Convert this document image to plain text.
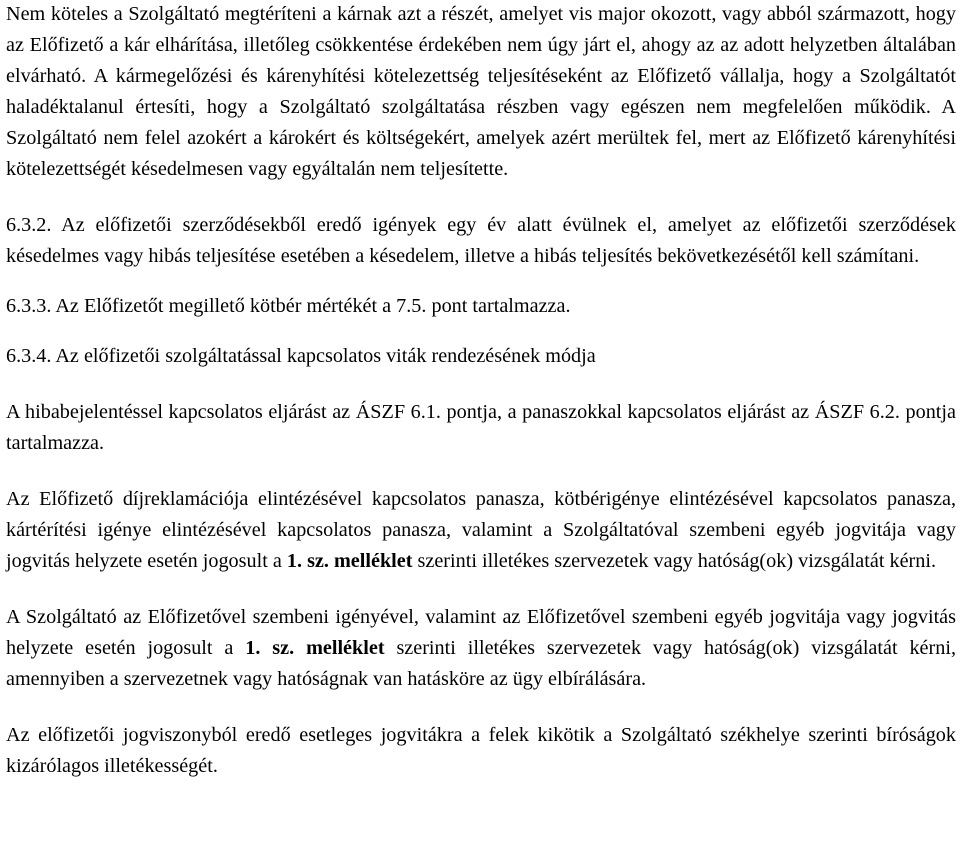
Nem köteles a Szolgáltató megtéríteni a kárnak azt a részét, amelyet vis major okozott, vagy abból származott, hogy az Előfizető a kár elhárítása, illetőleg csökkentése érdekében nem úgy járt el, ahogy az az adott helyzetben általában elvárható. A kármegelőzési és kárenyhítési kötelezettség teljesítéseként az Előfizető vállalja, hogy a Szolgáltatót haladéktalanul értesíti, hogy a Szolgáltató szolgáltatása részben vagy egészen nem megfelelően működik. A Szolgáltató nem felel azokért a károkért és költségekért, amelyek azért merültek fel, mert az Előfizető kárenyhítési kötelezettségét késedelmesen vagy egyáltalán nem teljesítette.

6.3.2. Az előfizetői szerződésekből eredő igények egy év alatt évülnek el, amelyet az előfizetői szerződések késedelmes vagy hibás teljesítése esetében a késedelem, illetve a hibás teljesítés bekövetkezésétől kell számítani.

6.3.3. Az Előfizetőt megillető kötbér mértékét a 7.5. pont tartalmazza.

6.3.4. Az előfizetői szolgáltatással kapcsolatos viták rendezésének módja

A hibabejelentéssel kapcsolatos eljárást az ÁSZF 6.1. pontja, a panaszokkal kapcsolatos eljárást az ÁSZF 6.2. pontja tartalmazza.

Az Előfizető díjreklamációja elintézésével kapcsolatos panasza, kötbérigénye elintézésével kapcsolatos panasza, kártérítési igénye elintézésével kapcsolatos panasza, valamint a Szolgáltatóval szembeni egyéb jogvitája vagy jogvitás helyzete esetén jogosult a 1. sz. melléklet szerinti illetékes szervezetek vagy hatóság(ok) vizsgálatát kérni.

A Szolgáltató az Előfizetővel szembeni igényével, valamint az Előfizetővel szembeni egyéb jogvitája vagy jogvitás helyzete esetén jogosult a 1. sz. melléklet szerinti illetékes szervezetek vagy hatóság(ok) vizsgálatát kérni, amennyiben a szervezetnek vagy hatóságnak van hatásköre az ügy elbírálására.

Az előfizetői jogviszonyból eredő esetleges jogvitákra a felek kikötik a Szolgáltató székhelye szerinti bíróságok kizárólagos illetékességét.
